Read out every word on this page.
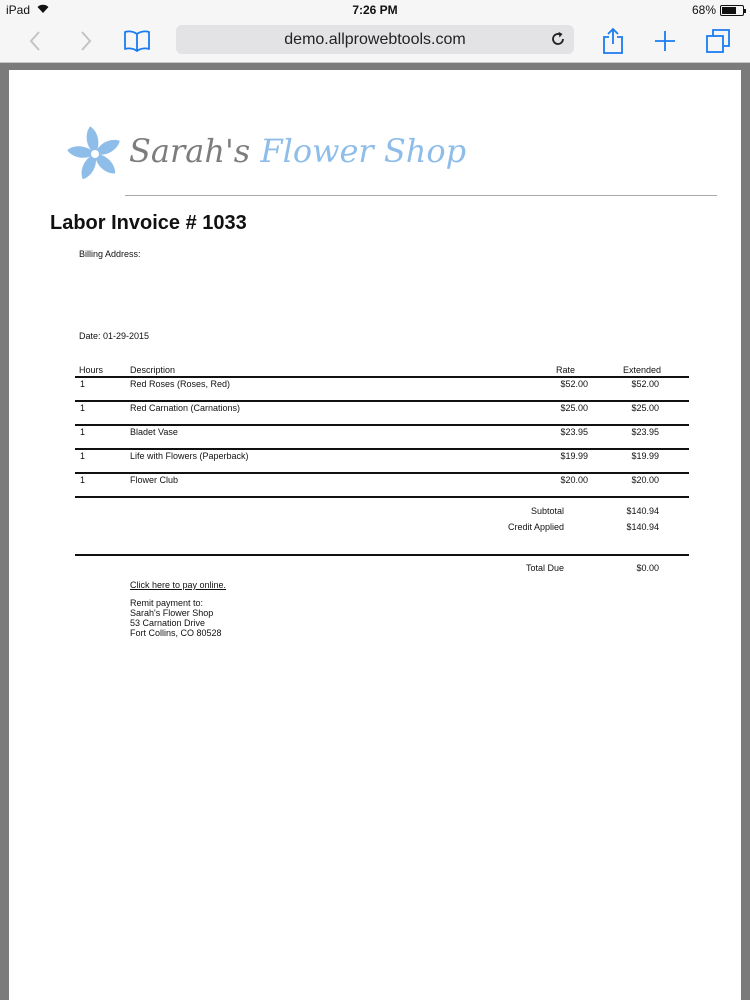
iPad	7:26 PM	68%
demo.allprowebtools.com
Sarah's Flower Shop
Labor Invoice # 1033
Billing Address:
Date: 01-29-2015
Hours	Description	Rate	Extended
1	Red Roses (Roses, Red)	$52.00	$52.00
1	Red Carnation (Carnations)	$25.00	$25.00
1	Bladet Vase	$23.95	$23.95
1	Life with Flowers (Paperback)	$19.99	$19.99
1	Flower Club	$20.00	$20.00
Subtotal	$140.94
Credit Applied	$140.94
Total Due	$0.00
Click here to pay online.
Remit payment to:
Sarah's Flower Shop
53 Carnation Drive
Fort Collins, CO 80528
